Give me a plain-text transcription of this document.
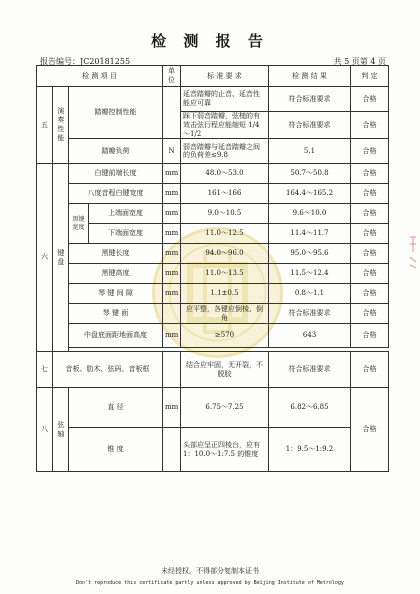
检 测 报 告
报告编号：JC20181255	共 5 页第 4 页
检 测 项 目				单位	标 准 要 求	检 测 结 果	判 定
五	演奏性能	踏瓣控制性能			延音踏瓣的止音、延音性能应可靠	符合标准要求	合格
					踩下弱音踏瓣，弦槌的有效击弦行程应能缩短 1/4～1/2	符合标准要求	合格
		踏瓣负荷		N	弱音踏瓣与延音踏瓣之间的负荷差≤9.8	5.1	合格
六	键盘	白键前端长度		mm	48.0～53.0	50.7～50.8	合格
		八度音程白键宽度		mm	161～166	164.4～165.2	合格
		黑键宽度	上端面宽度	mm	9.0～10.5	9.6～10.0	合格
			下端面宽度	mm	11.0～12.5	11.4～11.7	合格
		黑键长度		mm	94.0～96.0	95.0～95.6	合格
		黑键高度		mm	11.0～13.5	11.5～12.4	合格
		琴 键 间 隙		mm	1.1±0.5	0.8～1.1	合格
		琴 键 面			应平整，各键应倒棱、倒角	符合标准要求	合格
		中盘底面距地面高度		mm	≥570	643	合格

七	音板、肋木、弦码、音板框				结合应牢固，无开裂，不脱胶	符合标准要求	合格
八	弦轴	直 径		mm	6.75～7.25	6.82～6.85	合格
		锥 度			头部应呈正四棱台，应有 1：10.0～1:7.5 的锥度	1：9.5～1:9.2	
未经授权，不得部分复制本证书
Don't reproduce this certificate partly unless approved by Beijing Institute of Metrology
